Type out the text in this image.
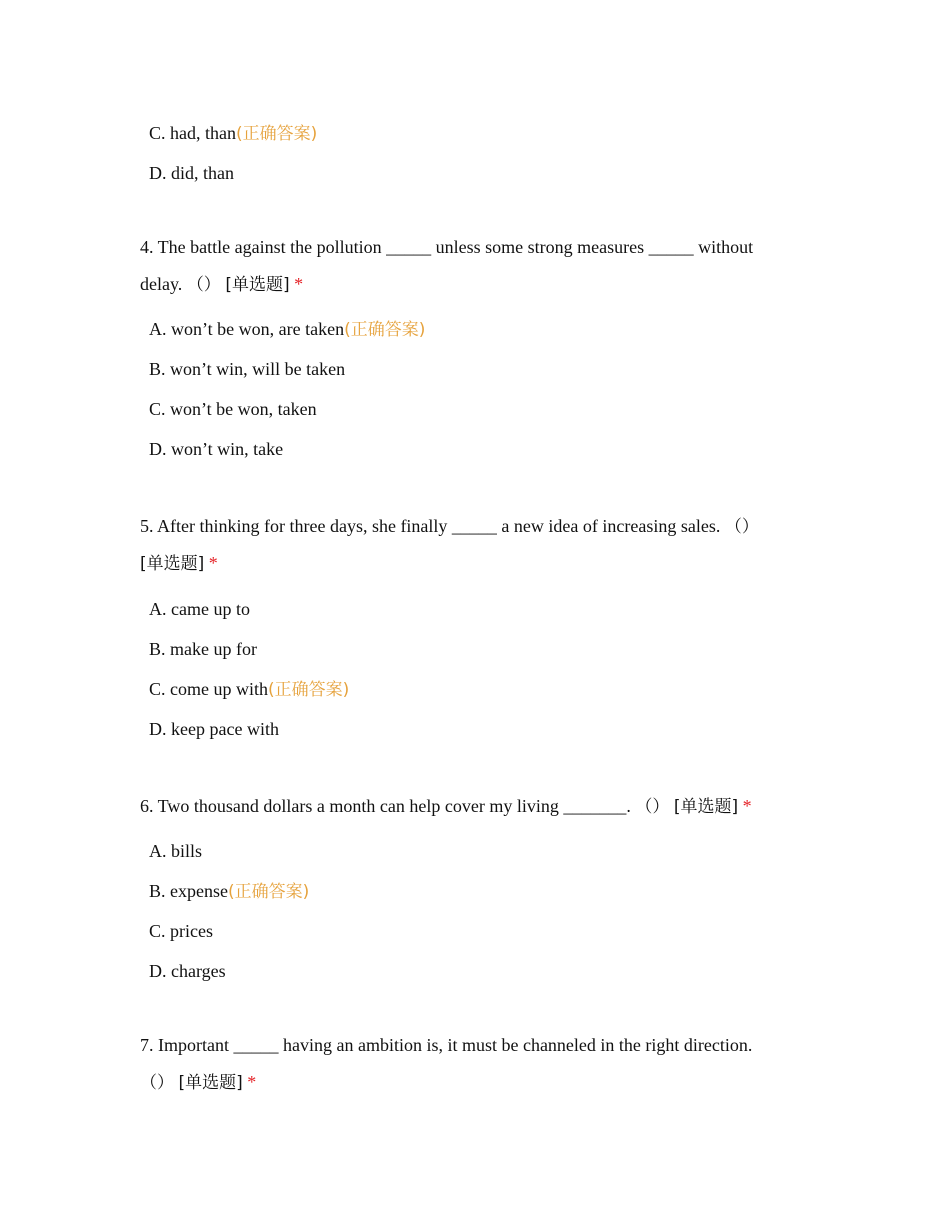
C. had, than(正确答案)
D. did, than
4. The battle against the pollution _____ unless some strong measures _____ without
delay. （） [单选题] *
A. won’t be won, are taken(正确答案)
B. won’t win, will be taken
C. won’t be won, taken
D. won’t win, take
5. After thinking for three days, she finally _____ a new idea of increasing sales. （）
[单选题] *
A. came up to
B. make up for
C. come up with(正确答案)
D. keep pace with
6. Two thousand dollars a month can help cover my living _______. （） [单选题] *
A. bills
B. expense(正确答案)
C. prices
D. charges
7. Important _____ having an ambition is, it must be channeled in the right direction.
（） [单选题] *
